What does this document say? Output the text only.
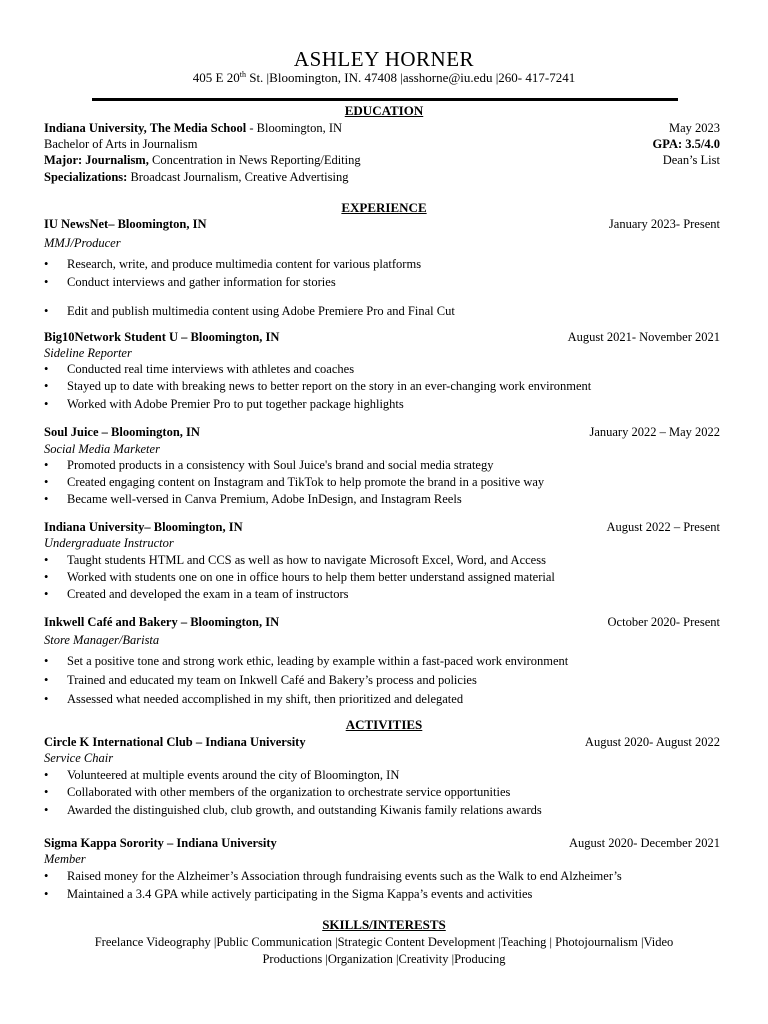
ASHLEY HORNER
405 E 20th St. |Bloomington, IN. 47408 |asshorne@iu.edu |260- 417-7241
EDUCATION
Indiana University, The Media School - Bloomington, IN	May 2023
Bachelor of Arts in Journalism	GPA: 3.5/4.0
Major: Journalism, Concentration in News Reporting/Editing	Dean’s List
Specializations: Broadcast Journalism, Creative Advertising
EXPERIENCE
IU NewsNet– Bloomington, IN	January 2023- Present
MMJ/Producer
• Research, write, and produce multimedia content for various platforms
• Conduct interviews and gather information for stories
• Edit and publish multimedia content using Adobe Premiere Pro and Final Cut
Big10Network Student U – Bloomington, IN	August 2021- November 2021
Sideline Reporter
• Conducted real time interviews with athletes and coaches
• Stayed up to date with breaking news to better report on the story in an ever-changing work environment
• Worked with Adobe Premier Pro to put together package highlights
Soul Juice – Bloomington, IN	January 2022 – May 2022
Social Media Marketer
• Promoted products in a consistency with Soul Juice's brand and social media strategy
• Created engaging content on Instagram and TikTok to help promote the brand in a positive way
• Became well-versed in Canva Premium, Adobe InDesign, and Instagram Reels
Indiana University– Bloomington, IN	August 2022 – Present
Undergraduate Instructor
• Taught students HTML and CCS as well as how to navigate Microsoft Excel, Word, and Access
• Worked with students one on one in office hours to help them better understand assigned material
• Created and developed the exam in a team of instructors
Inkwell Café and Bakery – Bloomington, IN	October 2020- Present
Store Manager/Barista
• Set a positive tone and strong work ethic, leading by example within a fast-paced work environment
• Trained and educated my team on Inkwell Café and Bakery’s process and policies
• Assessed what needed accomplished in my shift, then prioritized and delegated
ACTIVITIES
Circle K International Club – Indiana University	August 2020- August 2022
Service Chair
• Volunteered at multiple events around the city of Bloomington, IN
• Collaborated with other members of the organization to orchestrate service opportunities
• Awarded the distinguished club, club growth, and outstanding Kiwanis family relations awards
Sigma Kappa Sorority – Indiana University	August 2020- December 2021
Member
• Raised money for the Alzheimer’s Association through fundraising events such as the Walk to end Alzheimer’s
• Maintained a 3.4 GPA while actively participating in the Sigma Kappa’s events and activities
SKILLS/INTERESTS
Freelance Videography |Public Communication |Strategic Content Development |Teaching | Photojournalism |Video
Productions |Organization |Creativity |Producing
